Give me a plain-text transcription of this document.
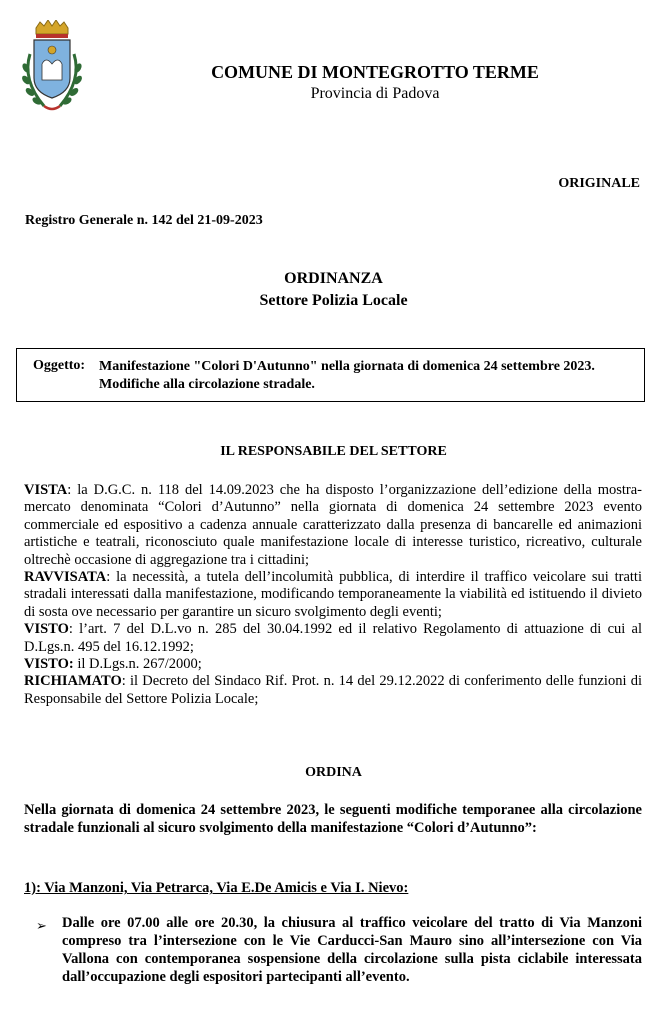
COMUNE DI MONTEGROTTO TERME
Provincia di Padova
ORIGINALE
Registro Generale n. 142 del 21-09-2023
ORDINANZA
Settore Polizia Locale
Oggetto: Manifestazione "Colori D'Autunno" nella giornata di domenica 24 settembre 2023. Modifiche alla circolazione stradale.
IL RESPONSABILE DEL SETTORE

VISTA: la D.G.C. n. 118 del 14.09.2023 che ha disposto l’organizzazione dell’edizione della mostra-mercato denominata “Colori d’Autunno” nella giornata di domenica 24 settembre 2023 evento commerciale ed espositivo a cadenza annuale caratterizzato dalla presenza di bancarelle ed animazioni artistiche e teatrali, riconosciuto quale manifestazione locale di interesse turistico, ricreativo, culturale oltrechè occasione di aggregazione tra i cittadini;

RAVVISATA: la necessità, a tutela dell’incolumità pubblica, di interdire il traffico veicolare sui tratti stradali interessati dalla manifestazione, modificando temporaneamente la viabilità ed istituendo il divieto di sosta ove necessario per garantire un sicuro svolgimento degli eventi;

VISTO: l’art. 7 del D.L.vo n. 285 del 30.04.1992 ed il relativo Regolamento di attuazione di cui al D.Lgs.n. 495 del 16.12.1992;

VISTO: il D.Lgs.n. 267/2000;

RICHIAMATO: il Decreto del Sindaco Rif. Prot. n. 14 del 29.12.2022 di conferimento delle funzioni di Responsabile del Settore Polizia Locale;

ORDINA
Nella giornata di domenica 24 settembre 2023, le seguenti modifiche temporanee alla circolazione stradale funzionali al sicuro svolgimento della manifestazione “Colori d’Autunno”:
1): Via Manzoni, Via Petrarca, Via E.De Amicis e Via I. Nievo:
➢ Dalle ore 07.00 alle ore 20.30, la chiusura al traffico veicolare del tratto di Via Manzoni compreso tra l’intersezione con le Vie Carducci-San Mauro sino all’intersezione con Via Vallona con contemporanea sospensione della circolazione sulla pista ciclabile interessata dall’occupazione degli espositori partecipanti all’evento.
